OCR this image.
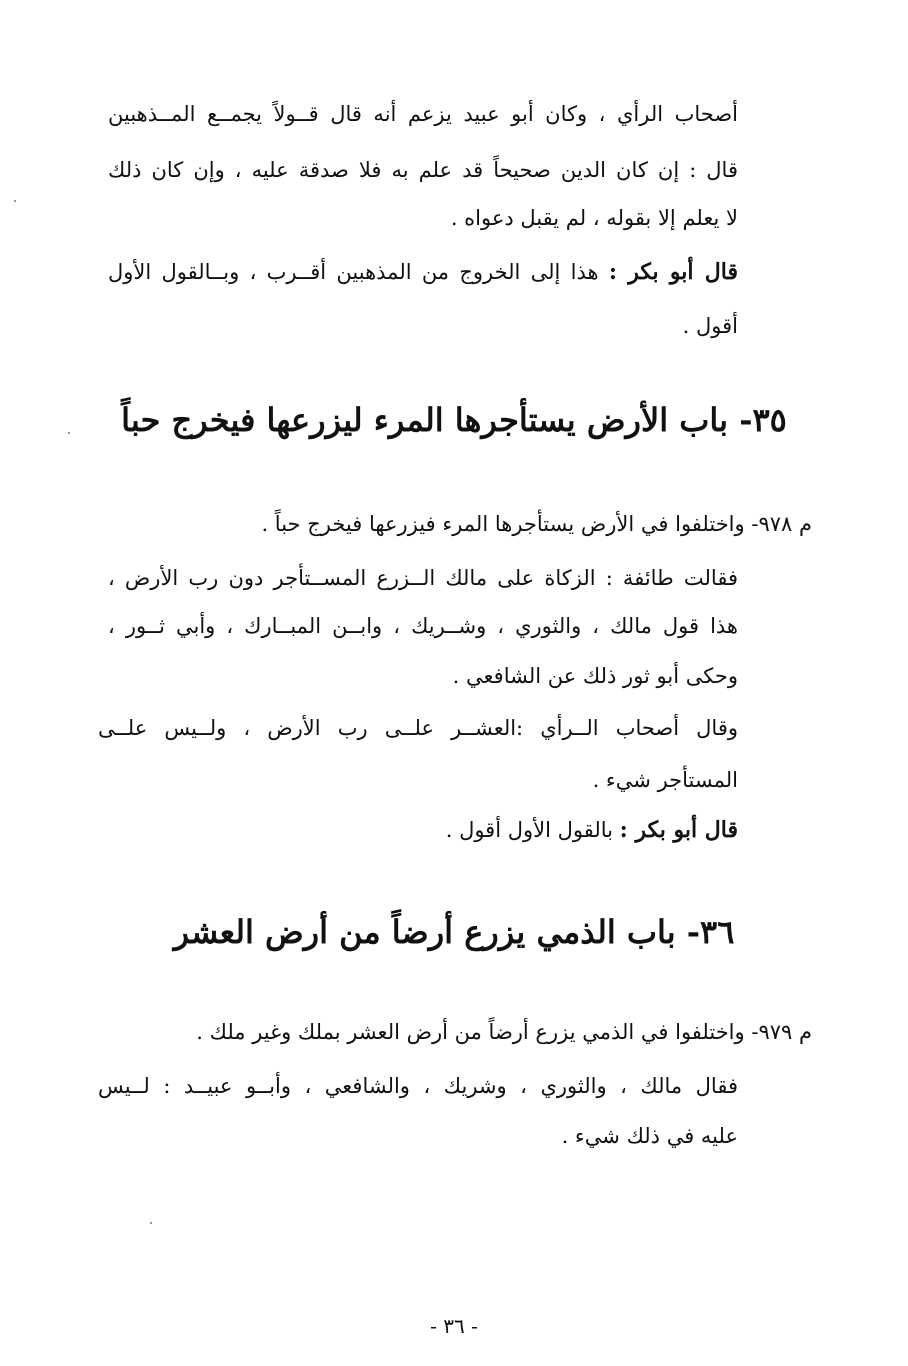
أصحاب الرأي ، وكان أبو عبيد يزعم أنه قال قــولاً يجمــع المــذهبين
قال : إن كان الدين صحيحاً قد علم به فلا صدقة عليه ، وإن كان ذلك
لا يعلم إلا بقوله ، لم يقبل دعواه .
قال أبو بكر : هذا إلى الخروج من المذهبين أقــرب ، وبــالقول الأول
أقول .
٣٥- باب الأرض يستأجرها المرء ليزرعها فيخرج حباً
م ٩٧٨- واختلفوا في الأرض يستأجرها المرء فيزرعها فيخرج حباً .
فقالت طائفة : الزكاة على مالك الــزرع المســتأجر دون رب الأرض ،
هذا قول مالك ، والثوري ، وشــريك ، وابــن المبــارك ، وأبي ثــور ،
وحكى أبو ثور ذلك عن الشافعي .
وقال أصحاب الــرأي :العشــر علــى رب الأرض ، ولــيس علــى
المستأجر شيء .
قال أبو بكر : بالقول الأول أقول .
٣٦- باب الذمي يزرع أرضاً من أرض العشر
م ٩٧٩- واختلفوا في الذمي يزرع أرضاً من أرض العشر بملك وغير ملك .
فقال مالك ، والثوري ، وشريك ، والشافعي ، وأبــو عبيــد : لــيس
عليه في ذلك شيء .
- ٣٦ -
